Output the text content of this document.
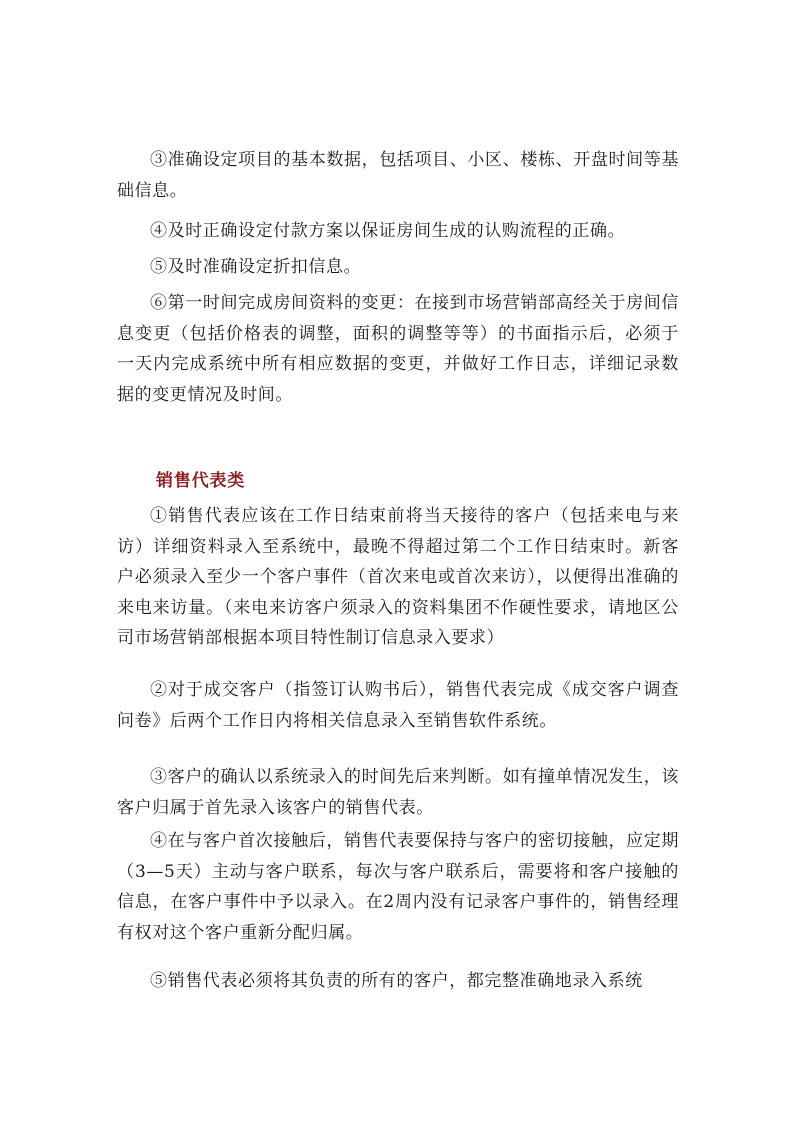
③准确设定项目的基本数据，包括项目、小区、楼栋、开盘时间等基础信息。

④及时正确设定付款方案以保证房间生成的认购流程的正确。

⑤及时准确设定折扣信息。

⑥第一时间完成房间资料的变更：在接到市场营销部高经关于房间信息变更（包括价格表的调整，面积的调整等等）的书面指示后，必须于一天内完成系统中所有相应数据的变更，并做好工作日志，详细记录数据的变更情况及时间。

销售代表类

①销售代表应该在工作日结束前将当天接待的客户（包括来电与来访）详细资料录入至系统中，最晚不得超过第二个工作日结束时。新客户必须录入至少一个客户事件（首次来电或首次来访），以便得出准确的来电来访量。（来电来访客户须录入的资料集团不作硬性要求，请地区公司市场营销部根据本项目特性制订信息录入要求）

②对于成交客户（指签订认购书后），销售代表完成《成交客户调查问卷》后两个工作日内将相关信息录入至销售软件系统。

③客户的确认以系统录入的时间先后来判断。如有撞单情况发生，该客户归属于首先录入该客户的销售代表。

④在与客户首次接触后，销售代表要保持与客户的密切接触，应定期（3—5天）主动与客户联系，每次与客户联系后，需要将和客户接触的信息，在客户事件中予以录入。在2周内没有记录客户事件的，销售经理有权对这个客户重新分配归属。

⑤销售代表必须将其负责的所有的客户，都完整准确地录入系统
